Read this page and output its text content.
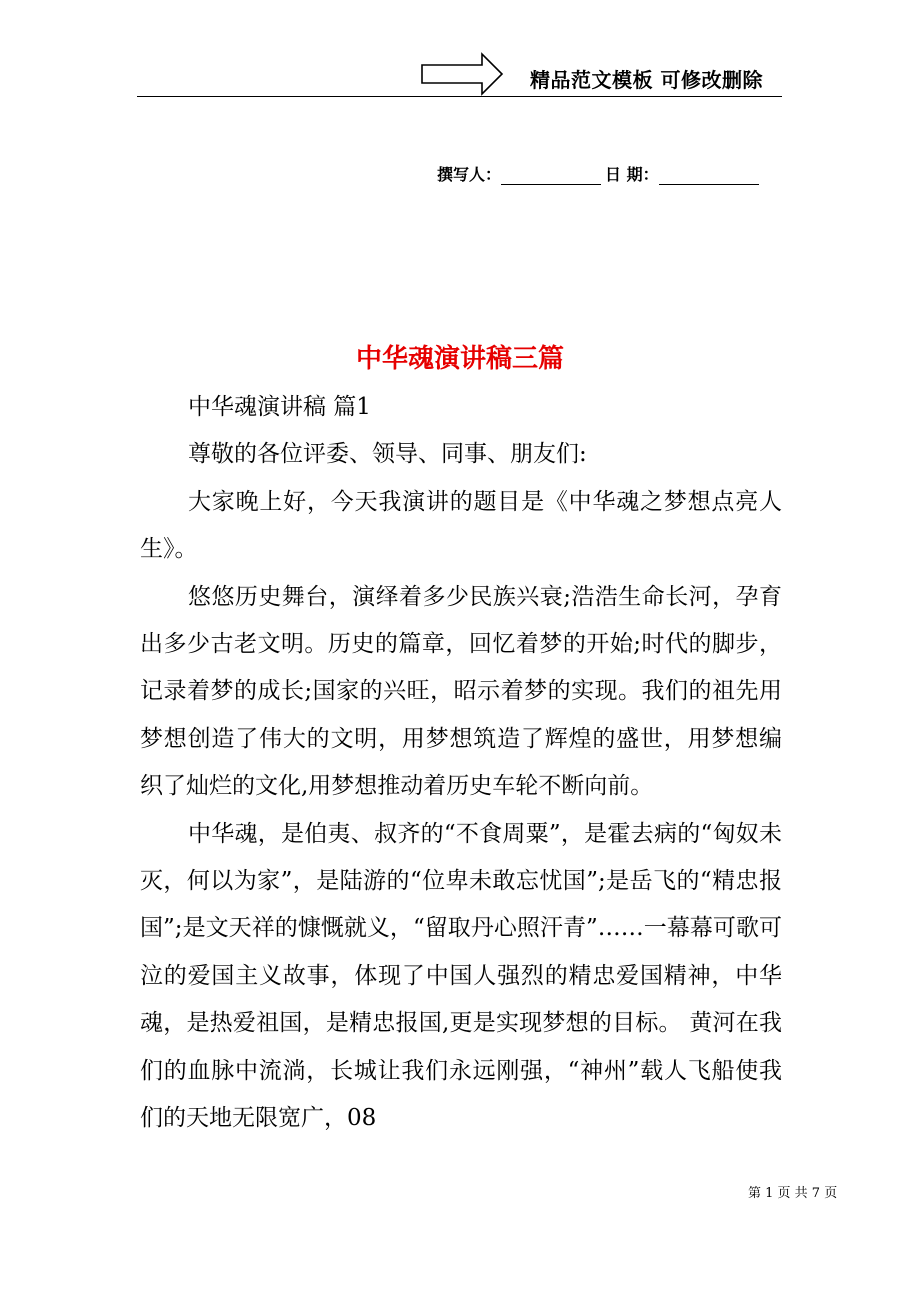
精品范文模板 可修改删除
撰写人：	日 期：
中华魂演讲稿三篇

中华魂演讲稿 篇1

尊敬的各位评委、领导、同事、朋友们:

大家晚上好，今天我演讲的题目是《中华魂之梦想点亮人生》。

悠悠历史舞台，演绎着多少民族兴衰;浩浩生命长河，孕育出多少古老文明。历史的篇章，回忆着梦的开始;时代的脚步，记录着梦的成长;国家的兴旺，昭示着梦的实现。我们的祖先用梦想创造了伟大的文明，用梦想筑造了辉煌的盛世，用梦想编织了灿烂的文化,用梦想推动着历史车轮不断向前。

中华魂，是伯夷、叔齐的“不食周粟”，是霍去病的“匈奴未灭，何以为家”，是陆游的“位卑未敢忘忧国”;是岳飞的“精忠报国”;是文天祥的慷慨就义，“留取丹心照汗青”……一幕幕可歌可泣的爱国主义故事，体现了中国人强烈的精忠爱国精神，中华魂，是热爱祖国，是精忠报国,更是实现梦想的目标。 黄河在我们的血脉中流淌，长城让我们永远刚强，“神州”载人飞船使我们的天地无限宽广，08

第 1 页 共 7 页
